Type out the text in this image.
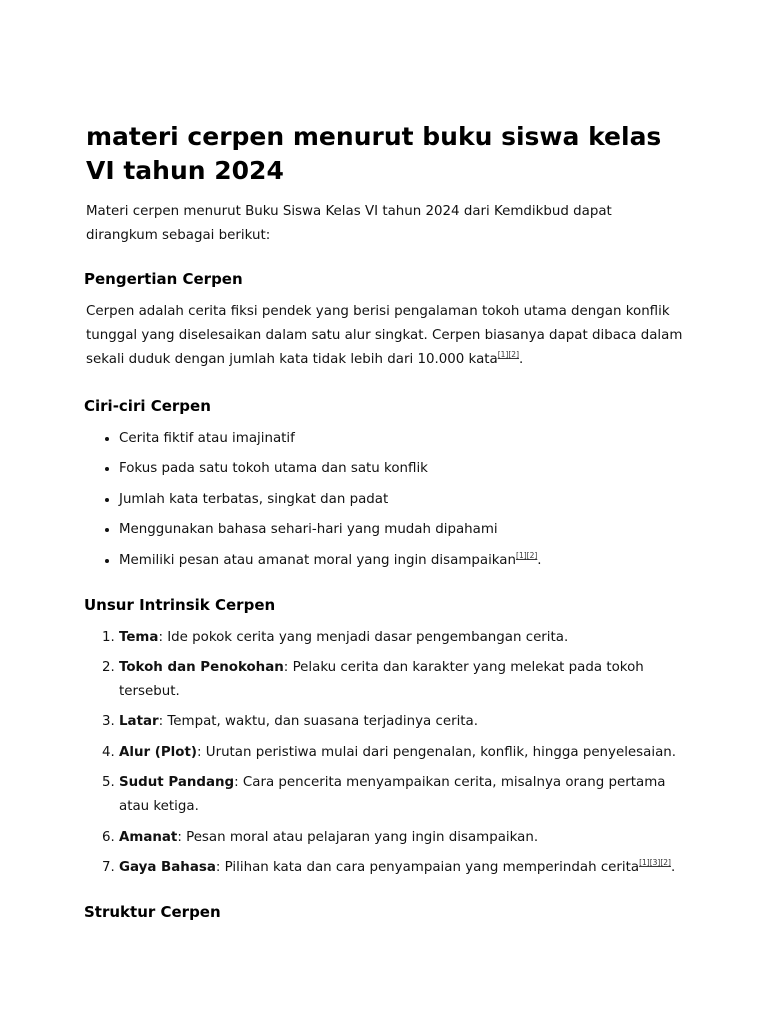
materi cerpen menurut buku siswa kelas VI tahun 2024

Materi cerpen menurut Buku Siswa Kelas VI tahun 2024 dari Kemdikbud dapat dirangkum sebagai berikut:

Pengertian Cerpen

Cerpen adalah cerita fiksi pendek yang berisi pengalaman tokoh utama dengan konflik tunggal yang diselesaikan dalam satu alur singkat. Cerpen biasanya dapat dibaca dalam sekali duduk dengan jumlah kata tidak lebih dari 10.000 kata[1][2].

Ciri-ciri Cerpen
• Cerita fiktif atau imajinatif
• Fokus pada satu tokoh utama dan satu konflik
• Jumlah kata terbatas, singkat dan padat
• Menggunakan bahasa sehari-hari yang mudah dipahami
• Memiliki pesan atau amanat moral yang ingin disampaikan[1][2].
Unsur Intrinsik Cerpen
1. Tema: Ide pokok cerita yang menjadi dasar pengembangan cerita.
2. Tokoh dan Penokohan: Pelaku cerita dan karakter yang melekat pada tokoh tersebut.
3. Latar: Tempat, waktu, dan suasana terjadinya cerita.
4. Alur (Plot): Urutan peristiwa mulai dari pengenalan, konflik, hingga penyelesaian.
5. Sudut Pandang: Cara pencerita menyampaikan cerita, misalnya orang pertama atau ketiga.
6. Amanat: Pesan moral atau pelajaran yang ingin disampaikan.
7. Gaya Bahasa: Pilihan kata dan cara penyampaian yang memperindah cerita[1][3][2].
Struktur Cerpen
